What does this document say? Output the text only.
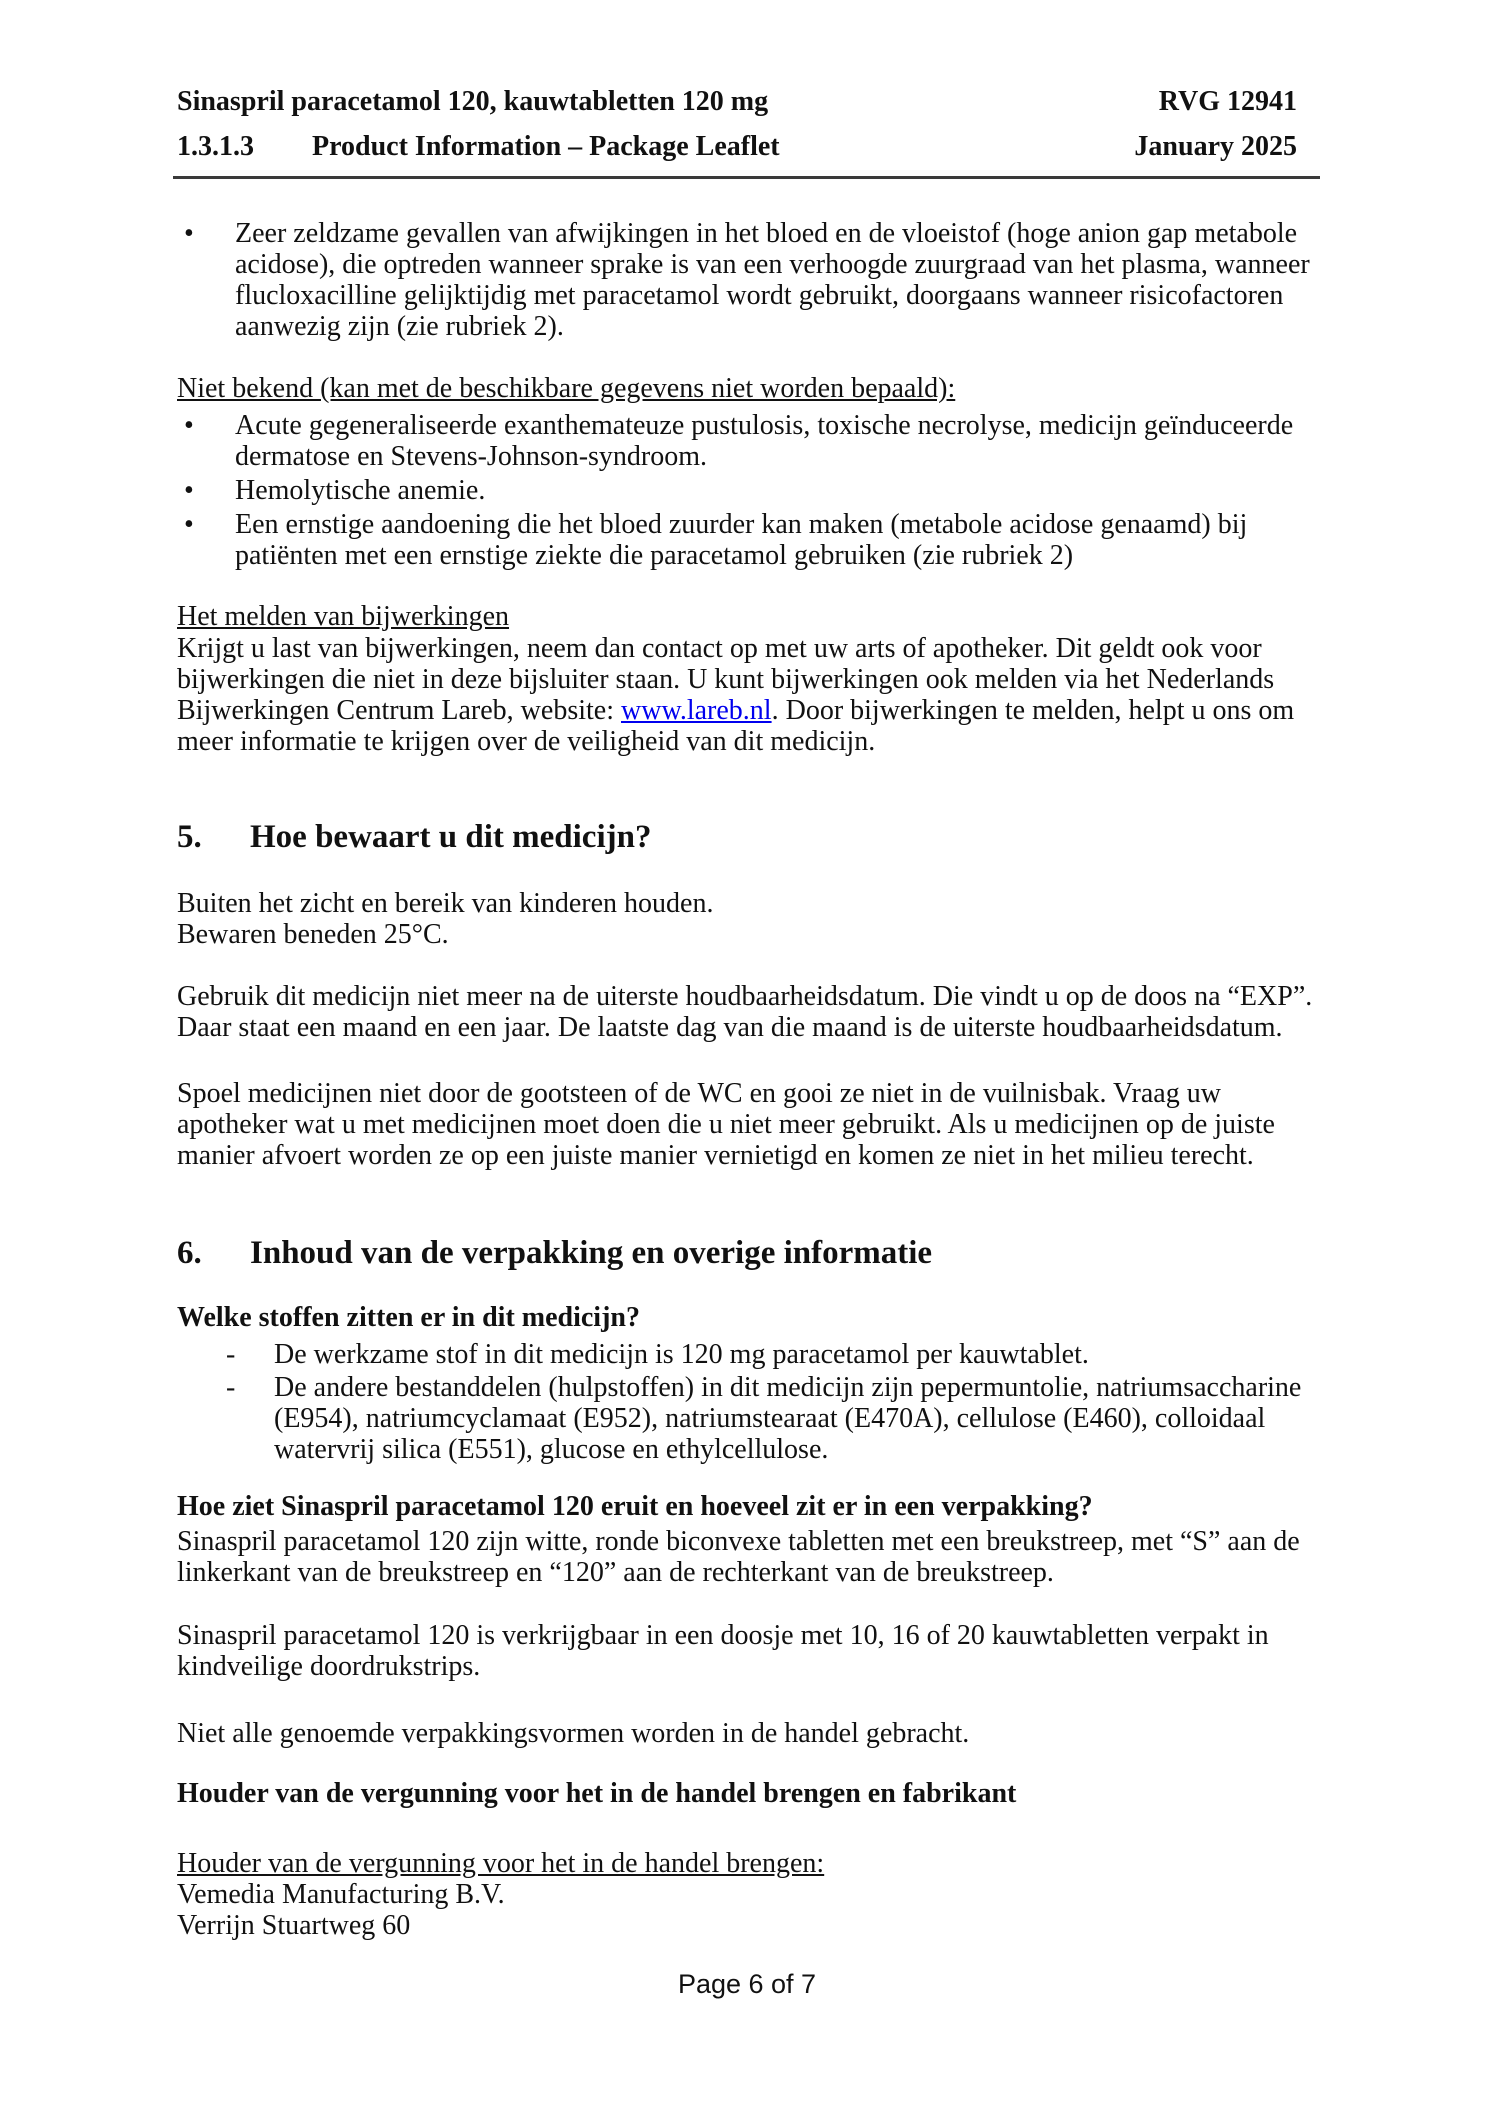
Sinaspril paracetamol 120, kauwtabletten 120 mg	RVG 12941
1.3.1.3	Product Information – Package Leaflet	January 2025
•	Zeer zeldzame gevallen van afwijkingen in het bloed en de vloeistof (hoge anion gap metabole acidose), die optreden wanneer sprake is van een verhoogde zuurgraad van het plasma, wanneer flucloxacilline gelijktijdig met paracetamol wordt gebruikt, doorgaans wanneer risicofactoren aanwezig zijn (zie rubriek 2).
Niet bekend (kan met de beschikbare gegevens niet worden bepaald):
•	Acute gegeneraliseerde exanthemateuze pustulosis, toxische necrolyse, medicijn geïnduceerde dermatose en Stevens-Johnson-syndroom.
•	Hemolytische anemie.
•	Een ernstige aandoening die het bloed zuurder kan maken (metabole acidose genaamd) bij patiënten met een ernstige ziekte die paracetamol gebruiken (zie rubriek 2)
Het melden van bijwerkingen
Krijgt u last van bijwerkingen, neem dan contact op met uw arts of apotheker. Dit geldt ook voor bijwerkingen die niet in deze bijsluiter staan. U kunt bijwerkingen ook melden via het Nederlands Bijwerkingen Centrum Lareb, website: www.lareb.nl. Door bijwerkingen te melden, helpt u ons om meer informatie te krijgen over de veiligheid van dit medicijn.
5.	Hoe bewaart u dit medicijn?
Buiten het zicht en bereik van kinderen houden.
Bewaren beneden 25°C.
Gebruik dit medicijn niet meer na de uiterste houdbaarheidsdatum. Die vindt u op de doos na “EXP”. Daar staat een maand en een jaar. De laatste dag van die maand is de uiterste houdbaarheidsdatum.
Spoel medicijnen niet door de gootsteen of de WC en gooi ze niet in de vuilnisbak. Vraag uw apotheker wat u met medicijnen moet doen die u niet meer gebruikt. Als u medicijnen op de juiste manier afvoert worden ze op een juiste manier vernietigd en komen ze niet in het milieu terecht.
6.	Inhoud van de verpakking en overige informatie
Welke stoffen zitten er in dit medicijn?
-	De werkzame stof in dit medicijn is 120 mg paracetamol per kauwtablet.
-	De andere bestanddelen (hulpstoffen) in dit medicijn zijn pepermuntolie, natriumsaccharine (E954), natriumcyclamaat (E952), natriumstearaat (E470A), cellulose (E460), colloidaal watervrij silica (E551), glucose en ethylcellulose.
Hoe ziet Sinaspril paracetamol 120 eruit en hoeveel zit er in een verpakking?
Sinaspril paracetamol 120 zijn witte, ronde biconvexe tabletten met een breukstreep, met “S” aan de linkerkant van de breukstreep en “120” aan de rechterkant van de breukstreep.
Sinaspril paracetamol 120 is verkrijgbaar in een doosje met 10, 16 of 20 kauwtabletten verpakt in kindveilige doordrukstrips.
Niet alle genoemde verpakkingsvormen worden in de handel gebracht.
Houder van de vergunning voor het in de handel brengen en fabrikant
Houder van de vergunning voor het in de handel brengen:
Vemedia Manufacturing B.V.
Verrijn Stuartweg 60
Page 6 of 7
